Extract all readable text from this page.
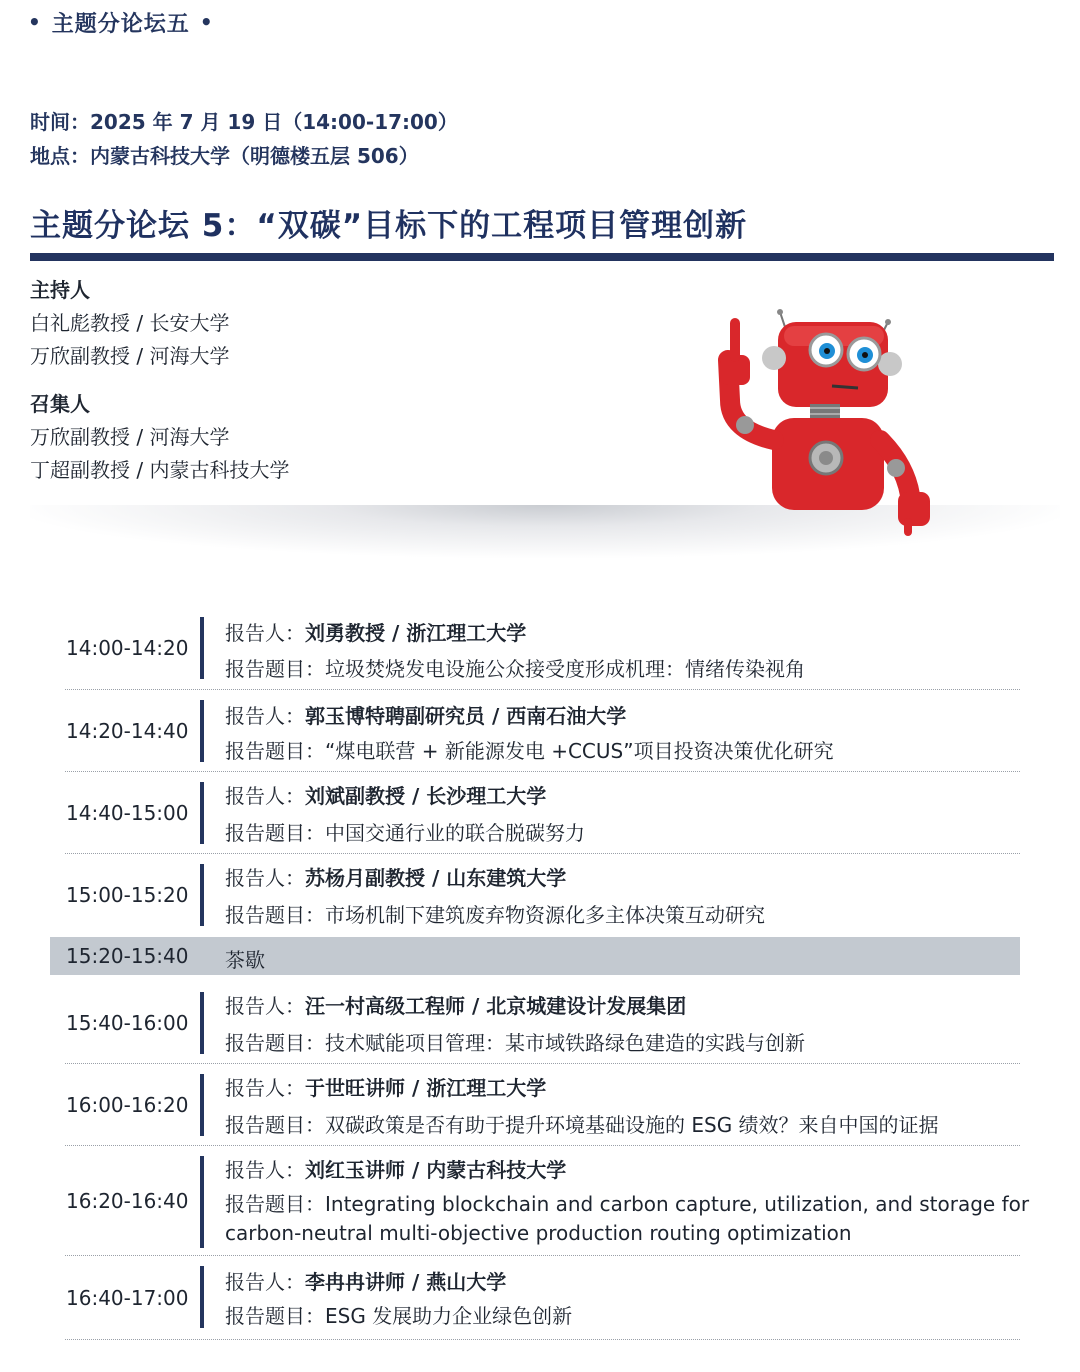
• 主题分论坛五 •
时间：2025 年 7 月 19 日（14:00-17:00）
地点：内蒙古科技大学（明德楼五层 506）
主题分论坛 5：“双碳”目标下的工程项目管理创新
主持人
白礼彪教授 / 长安大学
万欣副教授 / 河海大学
召集人
万欣副教授 / 河海大学
丁超副教授 / 内蒙古科技大学
14:00-14:20
报告人：刘勇教授 / 浙江理工大学
报告题目：垃圾焚烧发电设施公众接受度形成机理：情绪传染视角
14:20-14:40
报告人：郭玉博特聘副研究员 / 西南石油大学
报告题目：“煤电联营 + 新能源发电 +CCUS”项目投资决策优化研究
14:40-15:00
报告人：刘斌副教授 / 长沙理工大学
报告题目：中国交通行业的联合脱碳努力
15:00-15:20
报告人：苏杨月副教授 / 山东建筑大学
报告题目：市场机制下建筑废弃物资源化多主体决策互动研究
15:20-15:40 茶歇
15:40-16:00
报告人：汪一村高级工程师 / 北京城建设计发展集团
报告题目：技术赋能项目管理：某市域铁路绿色建造的实践与创新
16:00-16:20
报告人：于世旺讲师 / 浙江理工大学
报告题目：双碳政策是否有助于提升环境基础设施的 ESG 绩效？来自中国的证据
16:20-16:40
报告人：刘红玉讲师 / 内蒙古科技大学
报告题目：Integrating blockchain and carbon capture, utilization, and storage for
carbon-neutral multi-objective production routing optimization
16:40-17:00
报告人：李冉冉讲师 / 燕山大学
报告题目：ESG 发展助力企业绿色创新
